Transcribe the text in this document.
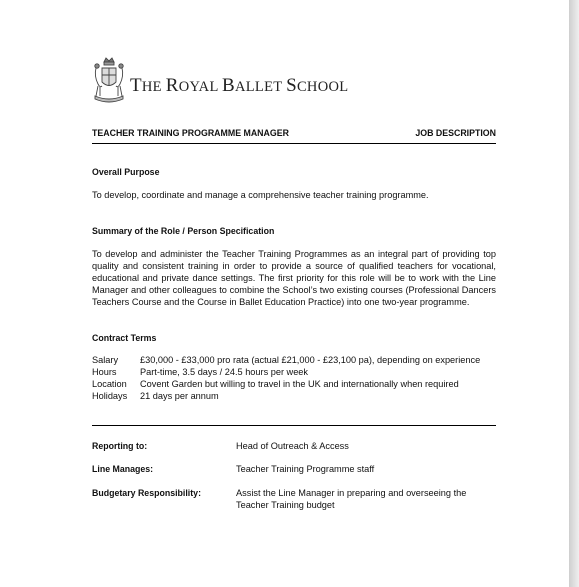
THE ROYAL BALLET SCHOOL
TEACHER TRAINING PROGRAMME MANAGER	JOB DESCRIPTION
Overall Purpose
To develop, coordinate and manage a comprehensive teacher training programme.
Summary of the Role / Person Specification
To develop and administer the Teacher Training Programmes as an integral part of providing top quality and consistent training in order to provide a source of qualified teachers for vocational, educational and private dance settings. The first priority for this role will be to work with the Line Manager and other colleagues to combine the School’s two existing courses (Professional Dancers Teachers Course and the Course in Ballet Education Practice) into one two-year programme.
Contract Terms
Salary	£30,000 - £33,000 pro rata (actual £21,000 - £23,100 pa), depending on experience
Hours	Part-time, 3.5 days / 24.5 hours per week
Location	Covent Garden but willing to travel in the UK and internationally when required
Holidays	21 days per annum
Reporting to:	Head of Outreach & Access
Line Manages:	Teacher Training Programme staff
Budgetary Responsibility:	Assist the Line Manager in preparing and overseeing the Teacher Training budget
